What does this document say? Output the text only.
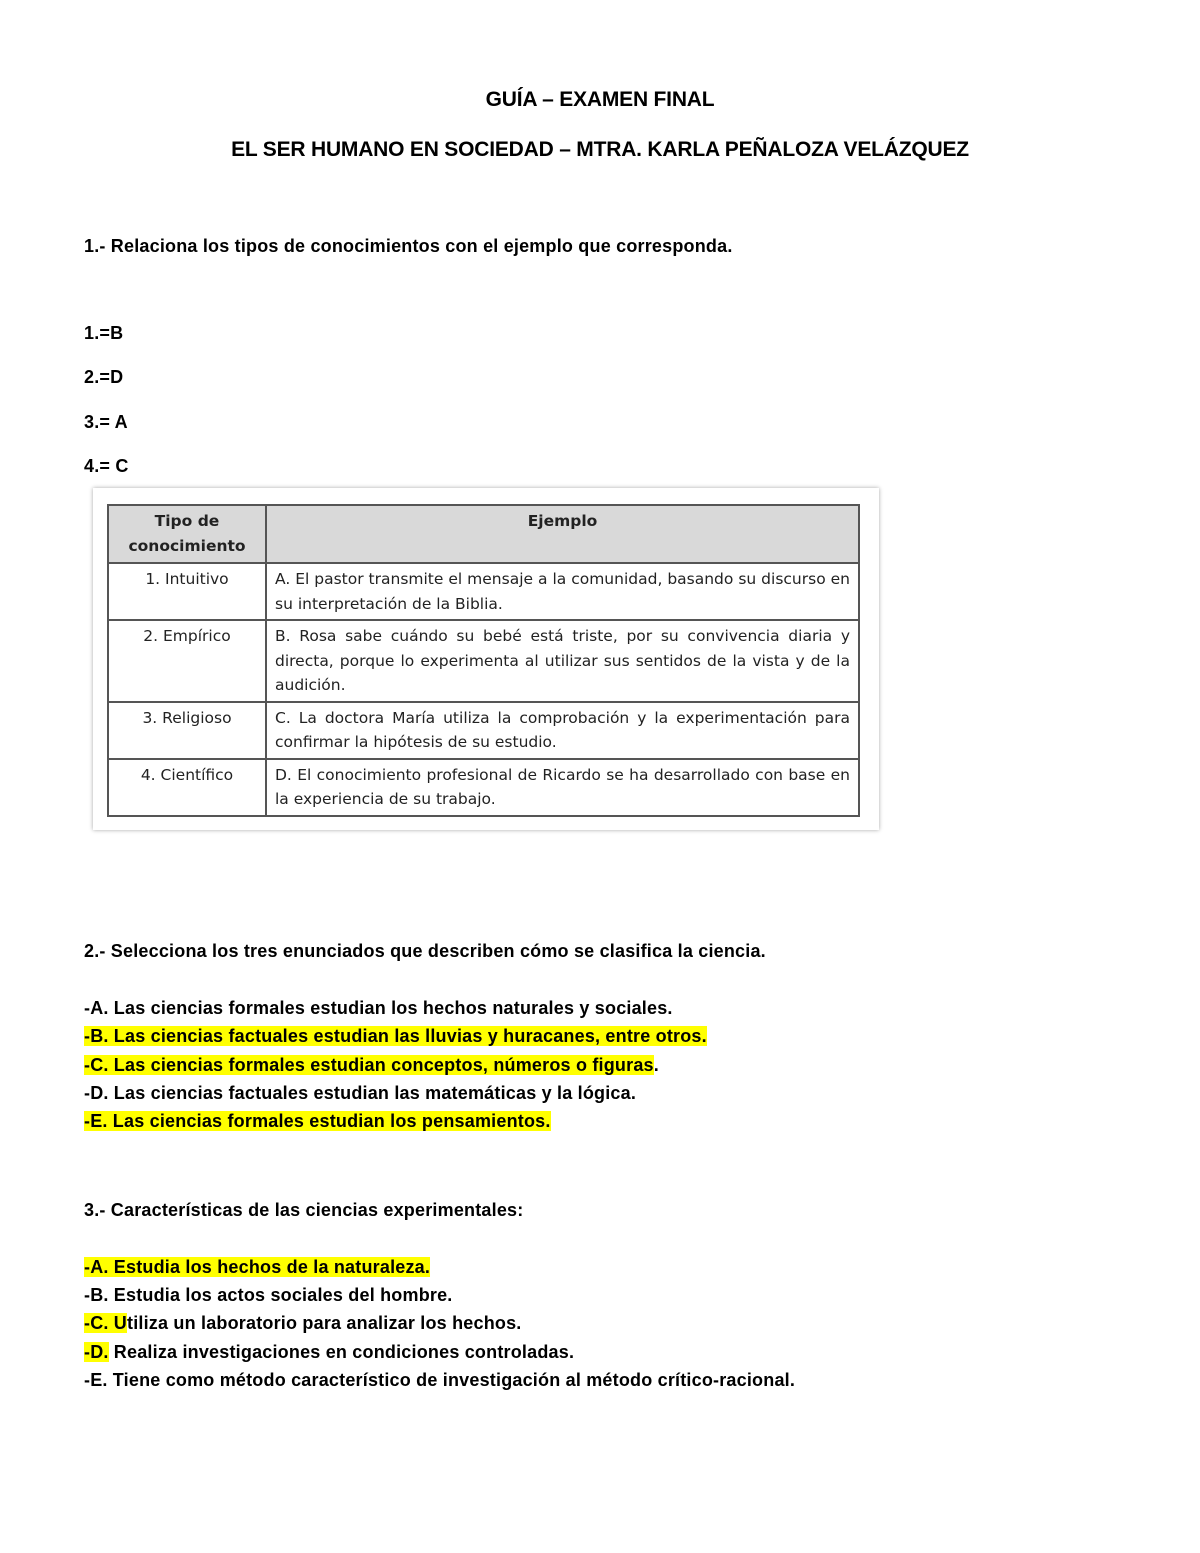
GUÍA – EXAMEN FINAL
EL SER HUMANO EN SOCIEDAD – MTRA. KARLA PEÑALOZA VELÁZQUEZ
1.- Relaciona los tipos de conocimientos con el ejemplo que corresponda.
1.=B
2.=D
3.= A
4.= C
Tipo de conocimiento	Ejemplo
1. Intuitivo	A. El pastor transmite el mensaje a la comunidad, basando su discurso en su interpretación de la Biblia.
2. Empírico	B. Rosa sabe cuándo su bebé está triste, por su convivencia diaria y directa, porque lo experimenta al utilizar sus sentidos de la vista y de la audición.
3. Religioso	C. La doctora María utiliza la comprobación y la experimentación para confirmar la hipótesis de su estudio.
4. Científico	D. El conocimiento profesional de Ricardo se ha desarrollado con base en la experiencia de su trabajo.
2.- Selecciona los tres enunciados que describen cómo se clasifica la ciencia.
-A. Las ciencias formales estudian los hechos naturales y sociales.
-B. Las ciencias factuales estudian las lluvias y huracanes, entre otros.
-C. Las ciencias formales estudian conceptos, números o figuras.
-D. Las ciencias factuales estudian las matemáticas y la lógica.
-E. Las ciencias formales estudian los pensamientos.
3.- Características de las ciencias experimentales:
-A. Estudia los hechos de la naturaleza.
-B. Estudia los actos sociales del hombre.
-C. Utiliza un laboratorio para analizar los hechos.
-D. Realiza investigaciones en condiciones controladas.
-E. Tiene como método característico de investigación al método crítico-racional.
